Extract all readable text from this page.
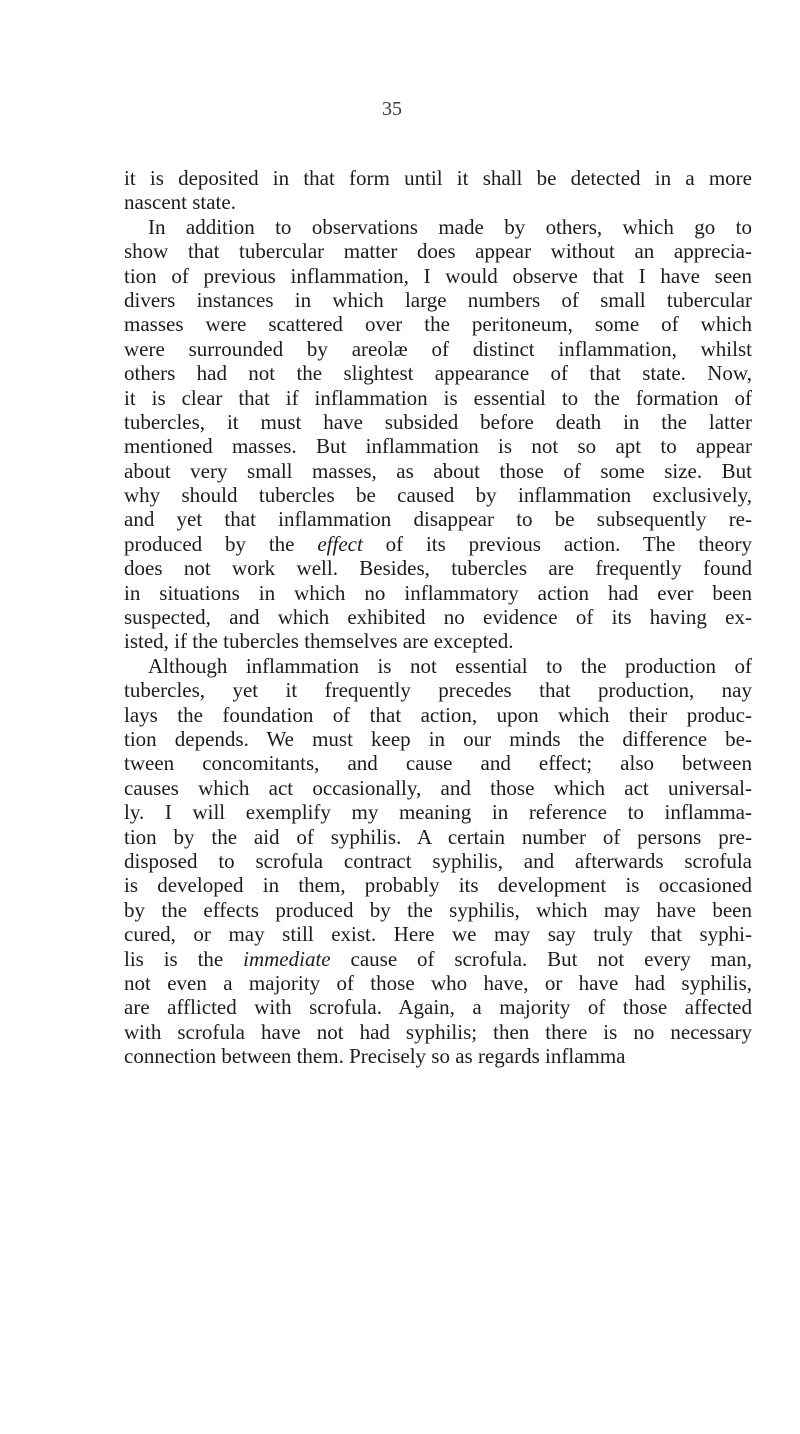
35
it is deposited in that form until it shall be detected in a more
nascent state.
In addition to observations made by others, which go to
show that tubercular matter does appear without an apprecia-
tion of previous inflammation, I would observe that I have seen
divers instances in which large numbers of small tubercular
masses were scattered over the peritoneum, some of which
were surrounded by areolæ of distinct inflammation, whilst
others had not the slightest appearance of that state. Now,
it is clear that if inflammation is essential to the formation of
tubercles, it must have subsided before death in the latter
mentioned masses. But inflammation is not so apt to appear
about very small masses, as about those of some size. But
why should tubercles be caused by inflammation exclusively,
and yet that inflammation disappear to be subsequently re-
produced by the effect of its previous action. The theory
does not work well. Besides, tubercles are frequently found
in situations in which no inflammatory action had ever been
suspected, and which exhibited no evidence of its having ex-
isted, if the tubercles themselves are excepted.
Although inflammation is not essential to the production of
tubercles, yet it frequently precedes that production, nay
lays the foundation of that action, upon which their produc-
tion depends. We must keep in our minds the difference be-
tween concomitants, and cause and effect; also between
causes which act occasionally, and those which act universal-
ly. I will exemplify my meaning in reference to inflamma-
tion by the aid of syphilis. A certain number of persons pre-
disposed to scrofula contract syphilis, and afterwards scrofula
is developed in them, probably its development is occasioned
by the effects produced by the syphilis, which may have been
cured, or may still exist. Here we may say truly that syphi-
lis is the immediate cause of scrofula. But not every man,
not even a majority of those who have, or have had syphilis,
are afflicted with scrofula. Again, a majority of those affected
with scrofula have not had syphilis; then there is no necessary
connection between them. Precisely so as regards inflamma
